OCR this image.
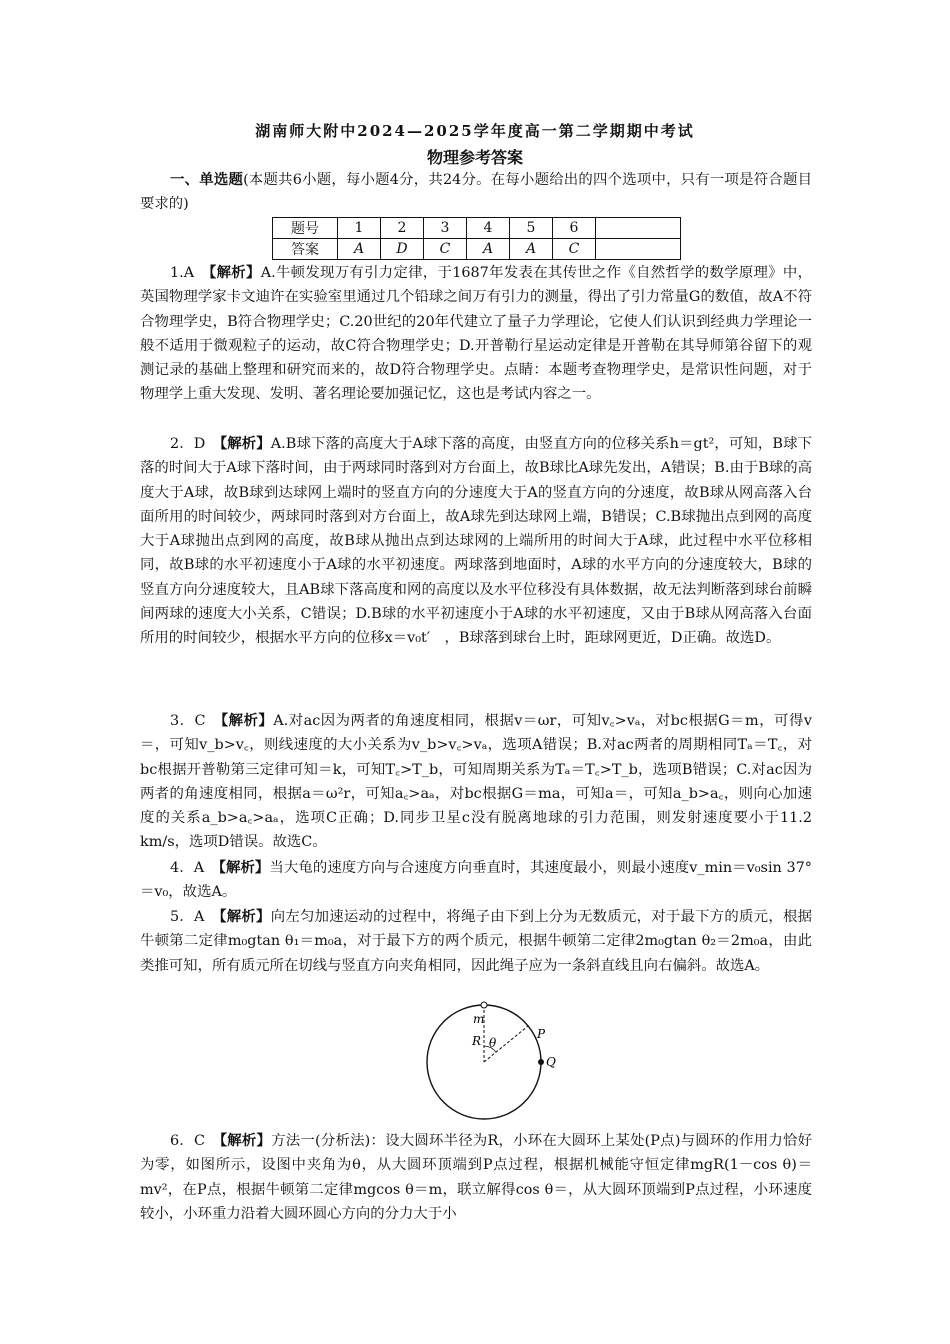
湖南师大附中2024—2025学年度高一第二学期期中考试
物理参考答案
一、单选题(本题共6小题，每小题4分，共24分。在每小题给出的四个选项中，只有一项是符合题目要求的)
题号	1	2	3	4	5	6	
答案	A	D	C	A	A	C	
1.A　 【解析】A.牛顿发现万有引力定律，于1687年发表在其传世之作《自然哲学的数学原理》中，英国物理学家卡文迪许在实验室里通过几个铅球之间万有引力的测量，得出了引力常量G的数值，故A不符合物理学史，B符合物理学史；C.20世纪的20年代建立了量子力学理论，它使人们认识到经典力学理论一般不适用于微观粒子的运动，故C符合物理学史；D.开普勒行星运动定律是开普勒在其导师第谷留下的观测记录的基础上整理和研究而来的，故D符合物理学史。点睛：本题考查物理学史，是常识性问题，对于物理学上重大发现、发明、著名理论要加强记忆，这也是考试内容之一。
2．D　 【解析】A.B球下落的高度大于A球下落的高度，由竖直方向的位移关系h＝gt²，可知，B球下落的时间大于A球下落时间，由于两球同时落到对方台面上，故B球比A球先发出，A错误；B.由于B球的高度大于A球，故B球到达球网上端时的竖直方向的分速度大于A的竖直方向的分速度，故B球从网高落入台面所用的时间较少，两球同时落到对方台面上，故A球先到达球网上端，B错误；C.B球抛出点到网的高度大于A球抛出点到网的高度，故B球从抛出点到达球网的上端所用的时间大于A球，此过程中水平位移相同，故B球的水平初速度小于A球的水平初速度。两球落到地面时，A球的水平方向的分速度较大，B球的竖直方向分速度较大，且AB球下落高度和网的高度以及水平位移没有具体数据，故无法判断落到球台前瞬间两球的速度大小关系，C错误；D.B球的水平初速度小于A球的水平初速度，又由于B球从网高落入台面所用的时间较少，根据水平方向的位移x＝v₀t′　，B球落到球台上时，距球网更近，D正确。故选D。
3．C　 【解析】A.对ac因为两者的角速度相同，根据v＝ωr，可知v꜀>vₐ，对bc根据G＝m，可得v＝，可知v_b>v꜀，则线速度的大小关系为v_b>v꜀>vₐ，选项A错误；B.对ac两者的周期相同Tₐ＝T꜀，对bc根据开普勒第三定律可知＝k，可知T꜀>T_b，可知周期关系为Tₐ＝T꜀>T_b，选项B错误；C.对ac因为两者的角速度相同，根据a＝ω²r，可知a꜀>aₐ，对bc根据G＝ma，可知a＝，可知a_b>a꜀，则向心加速度的关系a_b>a꜀>aₐ，选项C正确；D.同步卫星c没有脱离地球的引力范围，则发射速度要小于11.2 km/s，选项D错误。故选C。
4．A　 【解析】当大龟的速度方向与合速度方向垂直时，其速度最小，则最小速度v_min＝v₀sin 37°＝v₀，故选A。
5．A　 【解析】向左匀加速运动的过程中，将绳子由下到上分为无数质元，对于最下方的质元，根据牛顿第二定律m₀gtan θ₁＝m₀a，对于最下方的两个质元，根据牛顿第二定律2m₀gtan θ₂＝2m₀a，由此类推可知，所有质元所在切线与竖直方向夹角相同，因此绳子应为一条斜直线且向右偏斜。故选A。
m
P
R θ
Q
6．C　 【解析】方法一(分析法)：设大圆环半径为R，小环在大圆环上某处(P点)与圆环的作用力恰好为零，如图所示，设图中夹角为θ，从大圆环顶端到P点过程，根据机械能守恒定律mgR(1－cos θ)＝mv²，在P点，根据牛顿第二定律mgcos θ＝m，联立解得cos θ＝，从大圆环顶端到P点过程，小环速度较小，小环重力沿着大圆环圆心方向的分力大于小
